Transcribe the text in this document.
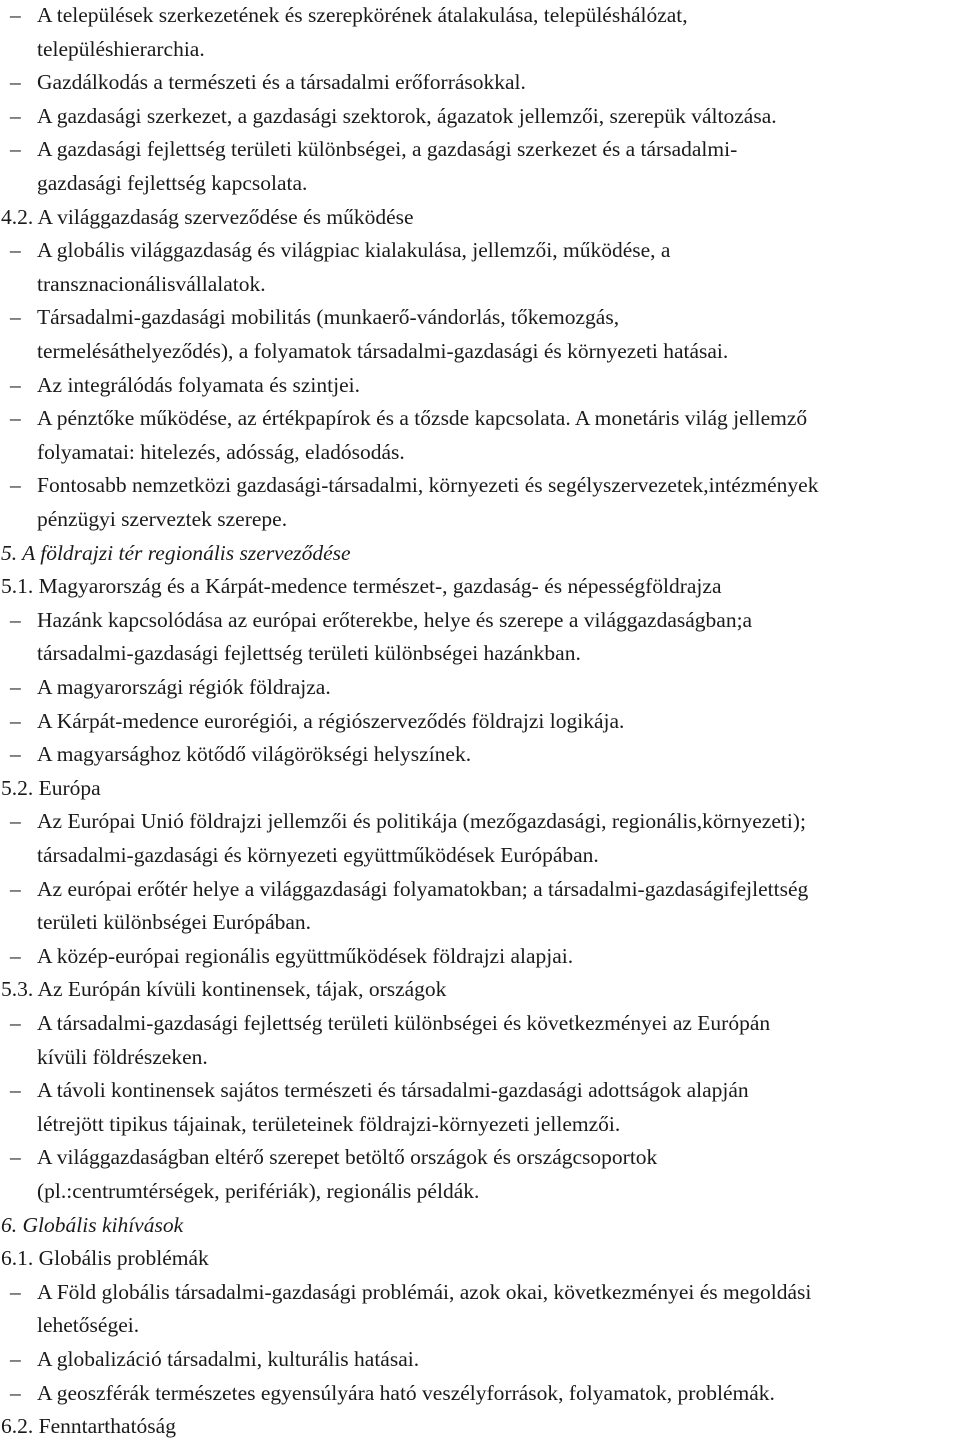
– A települések szerkezetének és szerepkörének átalakulása, településhálózat,
településhierarchia.
– Gazdálkodás a természeti és a társadalmi erőforrásokkal.
– A gazdasági szerkezet, a gazdasági szektorok, ágazatok jellemzői, szerepük változása.
– A gazdasági fejlettség területi különbségei, a gazdasági szerkezet és a társadalmi-
gazdasági fejlettség kapcsolata.
4.2. A világgazdaság szerveződése és működése
– A globális világgazdaság és világpiac kialakulása, jellemzői, működése, a
transznacionálisvállalatok.
– Társadalmi-gazdasági mobilitás (munkaerő-vándorlás, tőkemozgás,
termelésáthelyeződés), a folyamatok társadalmi-gazdasági és környezeti hatásai.
– Az integrálódás folyamata és szintjei.
– A pénztőke működése, az értékpapírok és a tőzsde kapcsolata. A monetáris világ jellemző
folyamatai: hitelezés, adósság, eladósodás.
– Fontosabb nemzetközi gazdasági-társadalmi, környezeti és segélyszervezetek,intézmények
pénzügyi szerveztek szerepe.
5. A földrajzi tér regionális szerveződése
5.1. Magyarország és a Kárpát-medence természet-, gazdaság- és népességföldrajza
– Hazánk kapcsolódása az európai erőterekbe, helye és szerepe a világgazdaságban;a
társadalmi-gazdasági fejlettség területi különbségei hazánkban.
– A magyarországi régiók földrajza.
– A Kárpát-medence eurorégiói, a régiószerveződés földrajzi logikája.
– A magyarsághoz kötődő világörökségi helyszínek.
5.2. Európa
– Az Európai Unió földrajzi jellemzői és politikája (mezőgazdasági, regionális,környezeti);
társadalmi-gazdasági és környezeti együttműködések Európában.
– Az európai erőtér helye a világgazdasági folyamatokban; a társadalmi-gazdaságifejlettség
területi különbségei Európában.
– A közép-európai regionális együttműködések földrajzi alapjai.
5.3. Az Európán kívüli kontinensek, tájak, országok
– A társadalmi-gazdasági fejlettség területi különbségei és következményei az Európán
kívüli földrészeken.
– A távoli kontinensek sajátos természeti és társadalmi-gazdasági adottságok alapján
létrejött tipikus tájainak, területeinek földrajzi-környezeti jellemzői.
– A világgazdaságban eltérő szerepet betöltő országok és országcsoportok
(pl.:centrumtérségek, perifériák), regionális példák.
6. Globális kihívások
6.1. Globális problémák
– A Föld globális társadalmi-gazdasági problémái, azok okai, következményei és megoldási
lehetőségei.
– A globalizáció társadalmi, kulturális hatásai.
– A geoszférák természetes egyensúlyára ható veszélyforrások, folyamatok, problémák.
6.2. Fenntarthatóság
